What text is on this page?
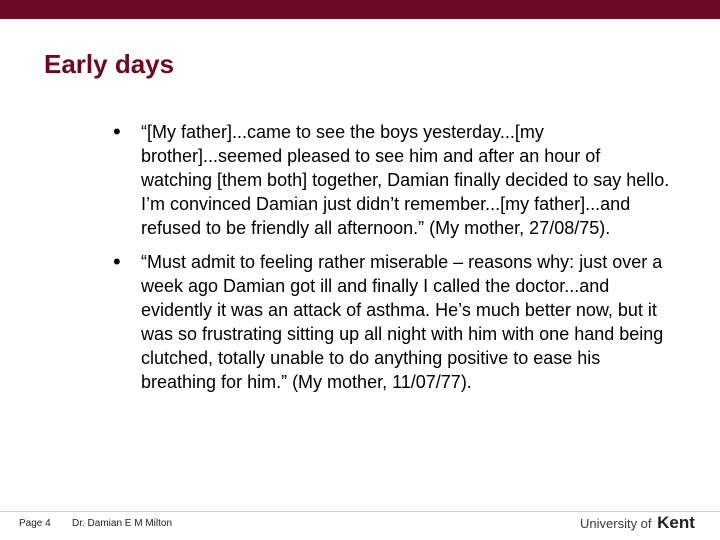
Early days
• “[My father]...came to see the boys yesterday...[my brother]...seemed pleased to see him and after an hour of watching [them both] together, Damian finally decided to say hello. I’m convinced Damian just didn’t remember...[my father]...and refused to be friendly all afternoon.” (My mother, 27/08/75).
• “Must admit to feeling rather miserable – reasons why: just over a week ago Damian got ill and finally I called the doctor...and evidently it was an attack of asthma. He’s much better now, but it was so frustrating sitting up all night with him with one hand being clutched, totally unable to do anything positive to ease his breathing for him.” (My mother, 11/07/77).
Page 4 Dr. Damian E M Milton	University of Kent
